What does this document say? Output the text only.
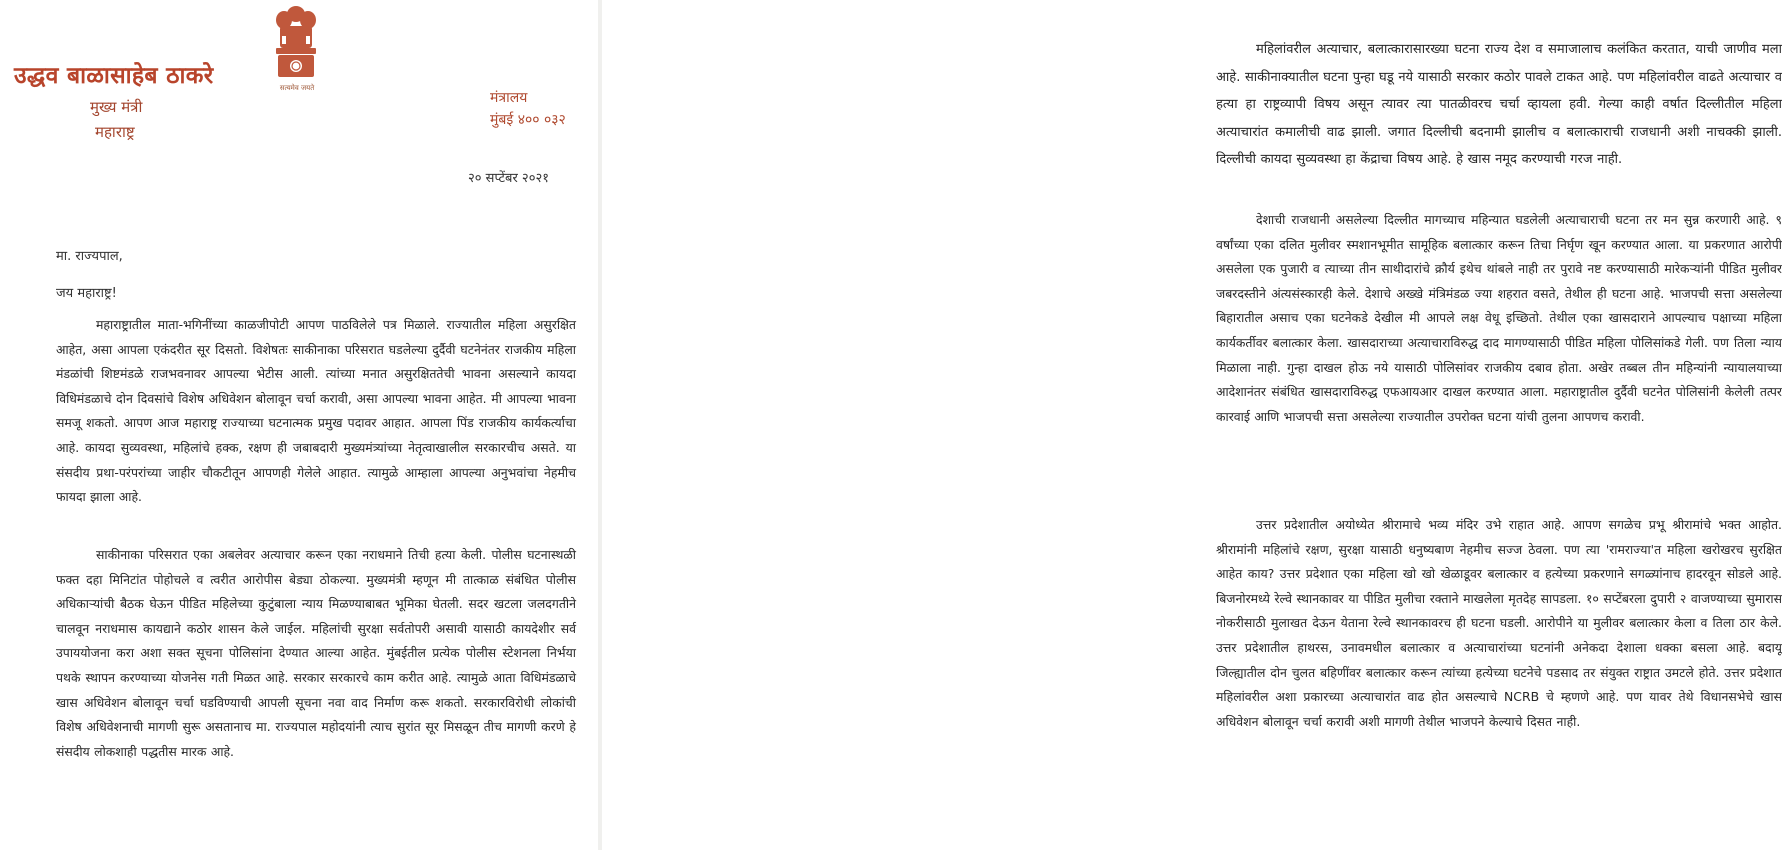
सत्यमेव जयते
उद्धव बाळासाहेब ठाकरे
मुख्य मंत्री
महाराष्ट्र
मंत्रालय
मुंबई ४०० ०३२
२० सप्टेंबर २०२१
मा. राज्यपाल,
जय महाराष्ट्र!
महाराष्ट्रातील माता-भगिनींच्या काळजीपोटी आपण पाठविलेले पत्र मिळाले. राज्यातील महिला असुरक्षित आहेत, असा आपला एकंदरीत सूर दिसतो. विशेषतः साकीनाका परिसरात घडलेल्या दुर्दैवी घटनेनंतर राजकीय महिला मंडळांची शिष्टमंडळे राजभवनावर आपल्या भेटीस आली. त्यांच्या मनात असुरक्षिततेची भावना असल्याने कायदा विधिमंडळाचे दोन दिवसांचे विशेष अधिवेशन बोलावून चर्चा करावी, असा आपल्या भावना आहेत. मी आपल्या भावना समजू शकतो. आपण आज महाराष्ट्र राज्याच्या घटनात्मक प्रमुख पदावर आहात. आपला पिंड राजकीय कार्यकर्त्याचा आहे. कायदा सुव्यवस्था, महिलांचे हक्क, रक्षण ही जबाबदारी मुख्यमंत्र्यांच्या नेतृत्वाखालील सरकारचीच असते. या संसदीय प्रथा-परंपरांच्या जाहीर चौकटीतून आपणही गेलेले आहात. त्यामुळे आम्हाला आपल्या अनुभवांचा नेहमीच फायदा झाला आहे.
साकीनाका परिसरात एका अबलेवर अत्याचार करून एका नराधमाने तिची हत्या केली. पोलीस घटनास्थळी फक्त दहा मिनिटांत पोहोचले व त्वरीत आरोपीस बेड्या ठोकल्या. मुख्यमंत्री म्हणून मी तात्काळ संबंधित पोलीस अधिकाऱ्यांची बैठक घेऊन पीडित महिलेच्या कुटुंबाला न्याय मिळण्याबाबत भूमिका घेतली. सदर खटला जलदगतीने चालवून नराधमास कायद्याने कठोर शासन केले जाईल. महिलांची सुरक्षा सर्वतोपरी असावी यासाठी कायदेशीर सर्व उपाययोजना करा अशा सक्त सूचना पोलिसांना देण्यात आल्या आहेत. मुंबईतील प्रत्येक पोलीस स्टेशनला निर्भया पथके स्थापन करण्याच्या योजनेस गती मिळत आहे. सरकार सरकारचे काम करीत आहे. त्यामुळे आता विधिमंडळाचे खास अधिवेशन बोलावून चर्चा घडविण्याची आपली सूचना नवा वाद निर्माण करू शकतो. सरकारविरोधी लोकांची विशेष अधिवेशनाची मागणी सुरू असतानाच मा. राज्यपाल महोदयांनी त्याच सुरांत सूर मिसळून तीच मागणी करणे हे संसदीय लोकशाही पद्धतीस मारक आहे.
महिलांवरील अत्याचार, बलात्कारासारख्या घटना राज्य देश व समाजालाच कलंकित करतात, याची जाणीव मला आहे. साकीनाक्यातील घटना पुन्हा घडू नये यासाठी सरकार कठोर पावले टाकत आहे. पण महिलांवरील वाढते अत्याचार व हत्या हा राष्ट्रव्यापी विषय असून त्यावर त्या पातळीवरच चर्चा व्हायला हवी. गेल्या काही वर्षात दिल्लीतील महिला अत्याचारांत कमालीची वाढ झाली. जगात दिल्लीची बदनामी झालीच व बलात्काराची राजधानी अशी नाचक्की झाली. दिल्लीची कायदा सुव्यवस्था हा केंद्राचा विषय आहे. हे खास नमूद करण्याची गरज नाही.
देशाची राजधानी असलेल्या दिल्लीत मागच्याच महिन्यात घडलेली अत्याचाराची घटना तर मन सुन्न करणारी आहे. ९ वर्षांच्या एका दलित मुलीवर स्मशानभूमीत सामूहिक बलात्कार करून तिचा निर्घृण खून करण्यात आला. या प्रकरणात आरोपी असलेला एक पुजारी व त्याच्या तीन साथीदारांचे क्रौर्य इथेच थांबले नाही तर पुरावे नष्ट करण्यासाठी मारेकऱ्यांनी पीडित मुलीवर जबरदस्तीने अंत्यसंस्कारही केले. देशाचे अख्खे मंत्रिमंडळ ज्या शहरात वसते, तेथील ही घटना आहे. भाजपची सत्ता असलेल्या बिहारातील असाच एका घटनेकडे देखील मी आपले लक्ष वेधू इच्छितो. तेथील एका खासदाराने आपल्याच पक्षाच्या महिला कार्यकर्तीवर बलात्कार केला. खासदाराच्या अत्याचाराविरुद्ध दाद मागण्यासाठी पीडित महिला पोलिसांकडे गेली. पण तिला न्याय मिळाला नाही. गुन्हा दाखल होऊ नये यासाठी पोलिसांवर राजकीय दबाव होता. अखेर तब्बल तीन महिन्यांनी न्यायालयाच्या आदेशानंतर संबंधित खासदाराविरुद्ध एफआयआर दाखल करण्यात आला. महाराष्ट्रातील दुर्दैवी घटनेत पोलिसांनी केलेली तत्पर कारवाई आणि भाजपची सत्ता असलेल्या राज्यातील उपरोक्त घटना यांची तुलना आपणच करावी.
उत्तर प्रदेशातील अयोध्येत श्रीरामाचे भव्य मंदिर उभे राहात आहे. आपण सगळेच प्रभू श्रीरामांचे भक्त आहोत. श्रीरामांनी महिलांचे रक्षण, सुरक्षा यासाठी धनुष्यबाण नेहमीच सज्ज ठेवला. पण त्या 'रामराज्या'त महिला खरोखरच सुरक्षित आहेत काय? उत्तर प्रदेशात एका महिला खो खो खेळाडूवर बलात्कार व हत्येच्या प्रकरणाने सगळ्यांनाच हादरवून सोडले आहे. बिजनोरमध्ये रेल्वे स्थानकावर या पीडित मुलीचा रक्ताने माखलेला मृतदेह सापडला. १० सप्टेंबरला दुपारी २ वाजण्याच्या सुमारास नोकरीसाठी मुलाखत देऊन येताना रेल्वे स्थानकावरच ही घटना घडली. आरोपीने या मुलीवर बलात्कार केला व तिला ठार केले. उत्तर प्रदेशातील हाथरस, उनावमधील बलात्कार व अत्याचारांच्या घटनांनी अनेकदा देशाला धक्का बसला आहे. बदायू जिल्ह्यातील दोन चुलत बहिणींवर बलात्कार करून त्यांच्या हत्येच्या घटनेचे पडसाद तर संयुक्त राष्ट्रात उमटले होते. उत्तर प्रदेशात महिलांवरील अशा प्रकारच्या अत्याचारांत वाढ होत असल्याचे NCRB चे म्हणणे आहे. पण यावर तेथे विधानसभेचे खास अधिवेशन बोलावून चर्चा करावी अशी मागणी तेथील भाजपने केल्याचे दिसत नाही.
